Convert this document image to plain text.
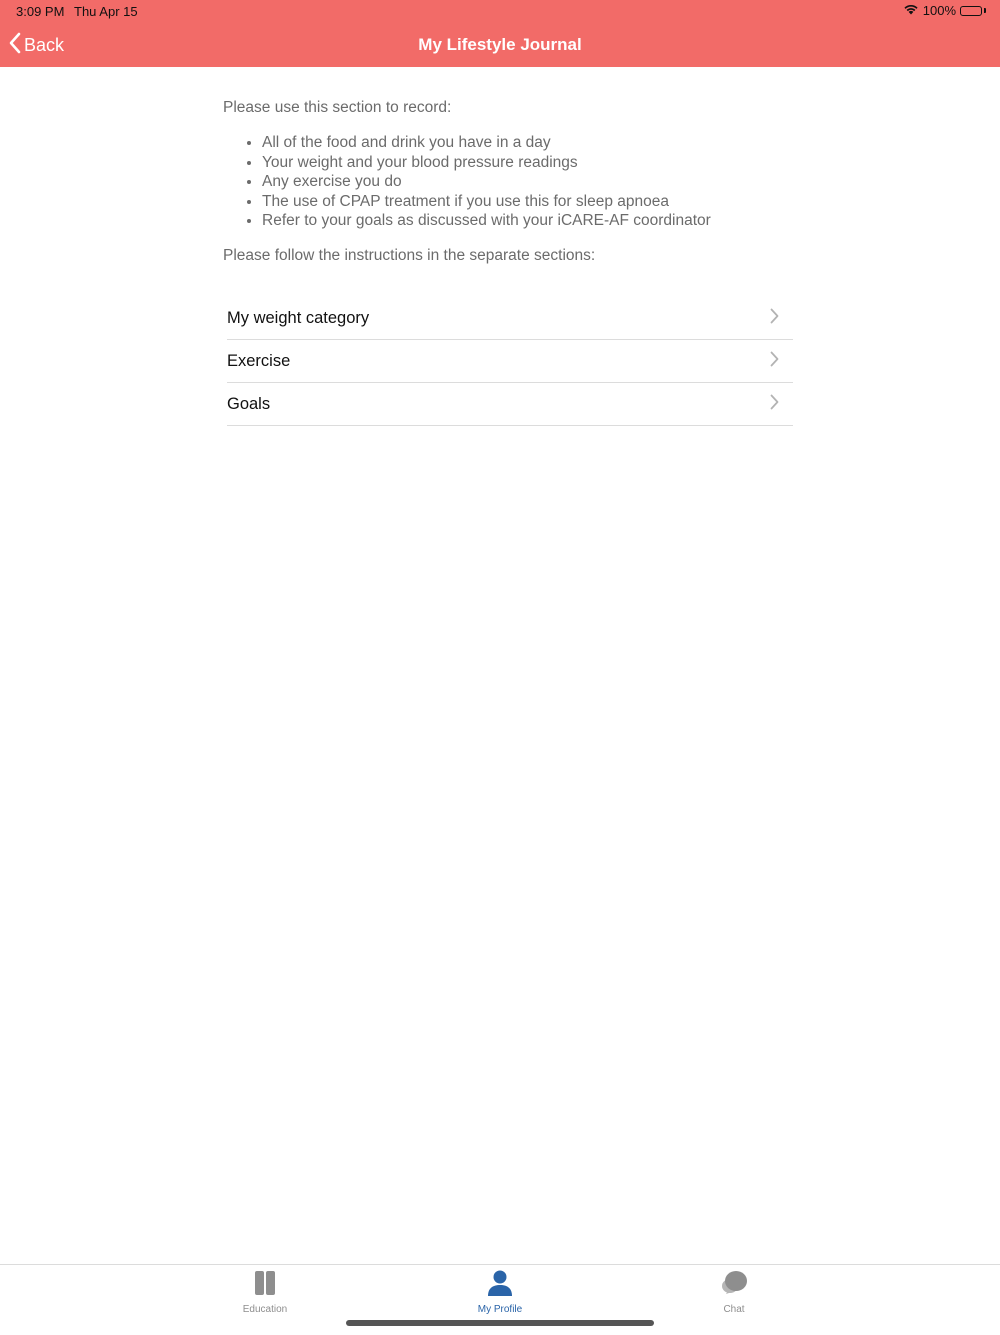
3:09 PM Thu Apr 15	100%
Back	My Lifestyle Journal

Please use this section to record:

• All of the food and drink you have in a day
• Your weight and your blood pressure readings
• Any exercise you do
• The use of CPAP treatment if you use this for sleep apnoea
• Refer to your goals as discussed with your iCARE-AF coordinator

Please follow the instructions in the separate sections:

My weight category
Exercise
Goals
Education	My Profile	Chat
